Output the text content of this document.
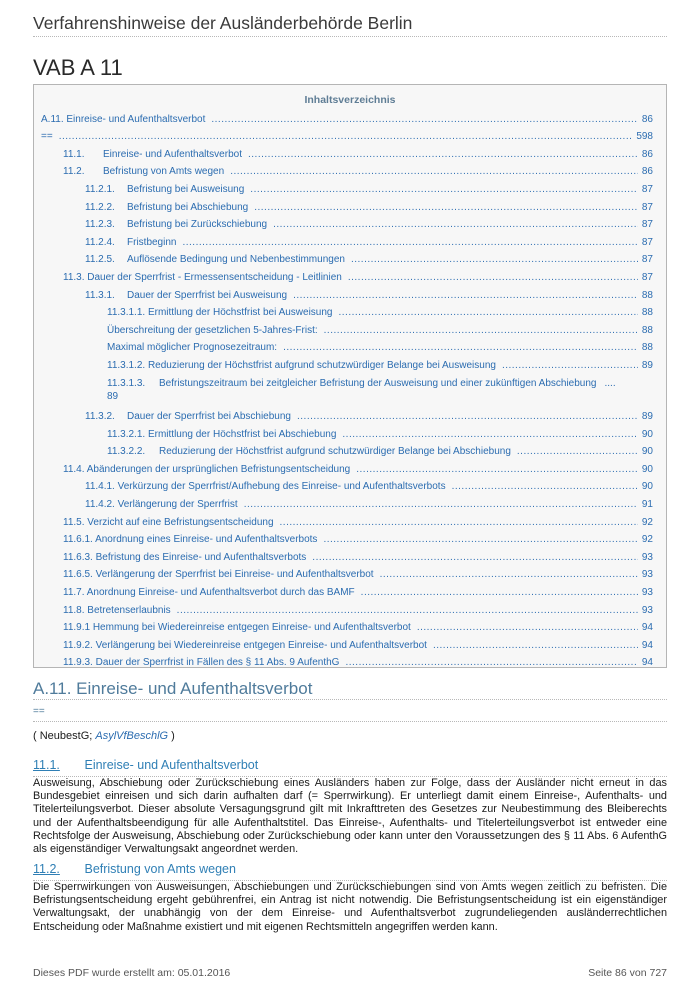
Verfahrenshinweise der Ausländerbehörde Berlin
VAB A 11
Inhaltsverzeichnis
A.11. Einreise- und Aufenthaltsverbot .....	86
== .....	598
11.1. Einreise- und Aufenthaltsverbot .....	86
11.2. Befristung von Amts wegen .....	86
11.2.1. Befristung bei Ausweisung .....	87
11.2.2. Befristung bei Abschiebung .....	87
11.2.3. Befristung bei Zurückschiebung .....	87
11.2.4. Fristbeginn .....	87
11.2.5. Auflösende Bedingung und Nebenbestimmungen .....	87
11.3. Dauer der Sperrfrist - Ermessensentscheidung - Leitlinien .....	87
11.3.1. Dauer der Sperrfrist bei Ausweisung .....	88
11.3.1.1. Ermittlung der Höchstfrist bei Ausweisung .....	88
Überschreitung der gesetzlichen 5-Jahres-Frist: .....	88
Maximal möglicher Prognosezeitraum: .....	88
11.3.1.2. Reduzierung der Höchstfrist aufgrund schutzwürdiger Belange bei Ausweisung .....	89
11.3.1.3. Befristungszeitraum bei zeitgleicher Befristung der Ausweisung und einer zukünftigen Abschiebung ....
89
11.3.2. Dauer der Sperrfrist bei Abschiebung .....	89
11.3.2.1. Ermittlung der Höchstfrist bei Abschiebung .....	90
11.3.2.2. Reduzierung der Höchstfrist aufgrund schutzwürdiger Belange bei Abschiebung .....	90
11.4. Abänderungen der ursprünglichen Befristungsentscheidung .....	90
11.4.1. Verkürzung der Sperrfrist/Aufhebung des Einreise- und Aufenthaltsverbots .....	90
11.4.2. Verlängerung der Sperrfrist .....	91
11.5. Verzicht auf eine Befristungsentscheidung .....	92
11.6.1. Anordnung eines Einreise- und Aufenthaltsverbots .....	92
11.6.3. Befristung des Einreise- und Aufenthaltsverbots .....	93
11.6.5. Verlängerung der Sperrfrist bei Einreise- und Aufenthaltsverbot .....	93
11.7. Anordnung Einreise- und Aufenthaltsverbot durch das BAMF .....	93
11.8. Betretenserlaubnis .....	93
11.9.1 Hemmung bei Wiedereinreise entgegen Einreise- und Aufenthaltsverbot .....	94
11.9.2. Verlängerung bei Wiedereinreise entgegen Einreise- und Aufenthaltsverbot .....	94
11.9.3. Dauer der Sperrfrist in Fällen des § 11 Abs. 9 AufenthG .....	94
A.11. Einreise- und Aufenthaltsverbot
==
( NeubestG; AsylVfBeschlG )
11.1. Einreise- und Aufenthaltsverbot

Ausweisung, Abschiebung oder Zurückschiebung eines Ausländers haben zur Folge, dass der Ausländer nicht erneut in das Bundesgebiet einreisen und sich darin aufhalten darf (= Sperrwirkung). Er unterliegt damit einem Einreise-, Aufenthalts- und Titelerteilungsverbot. Dieser absolute Versagungsgrund gilt mit Inkrafttreten des Gesetzes zur Neubestimmung des Bleiberechts und der Aufenthaltsbeendigung für alle Aufenthaltstitel. Das Einreise-, Aufenthalts- und Titelerteilungsverbot ist entweder eine Rechtsfolge der Ausweisung, Abschiebung oder Zurückschiebung oder kann unter den Voraussetzungen des § 11 Abs. 6 AufenthG als eigenständiger Verwaltungsakt angeordnet werden.

11.2. Befristung von Amts wegen

Die Sperrwirkungen von Ausweisungen, Abschiebungen und Zurückschiebungen sind von Amts wegen zeitlich zu befristen. Die Befristungsentscheidung ergeht gebührenfrei, ein Antrag ist nicht notwendig. Die Befristungsentscheidung ist ein eigenständiger Verwaltungsakt, der unabhängig von der dem Einreise- und Aufenthaltsverbot zugrundeliegenden ausländerrechtlichen Entscheidung oder Maßnahme existiert und mit eigenen Rechtsmitteln angegriffen werden kann.

Dieses PDF wurde erstellt am: 05.01.2016	Seite 86 von 727
